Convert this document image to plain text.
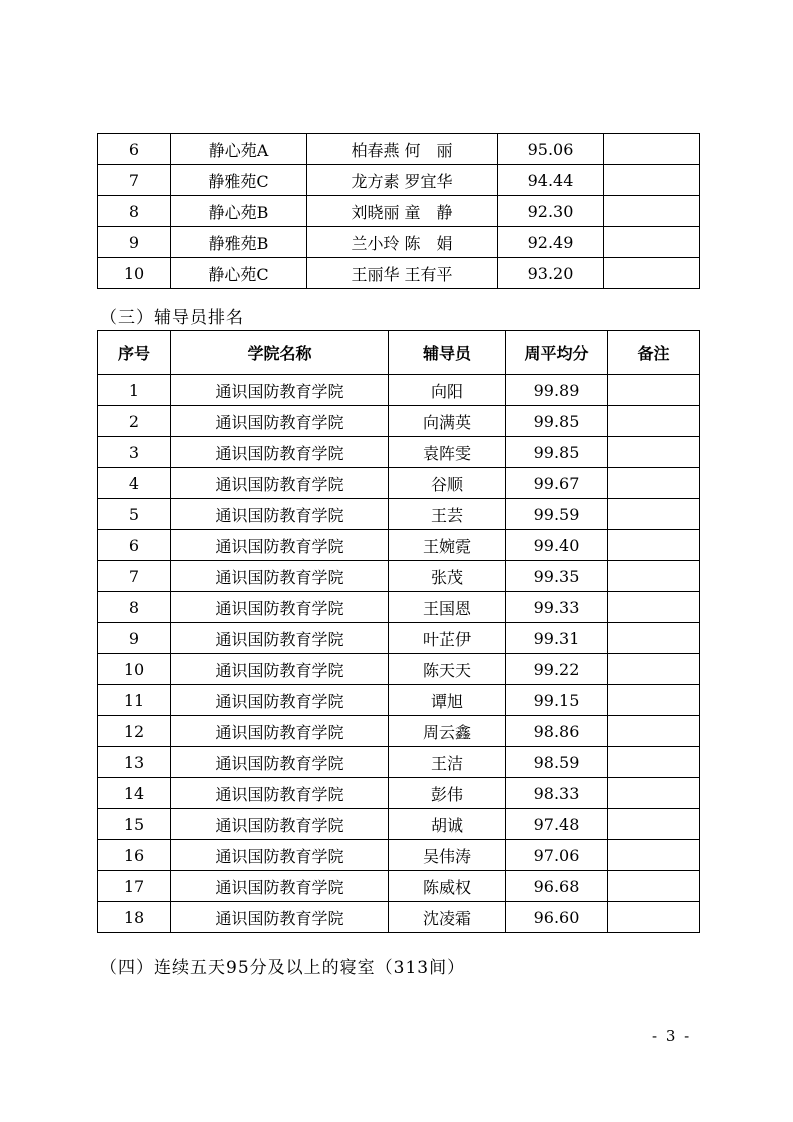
6	静心苑A	柏春燕 何　丽	95.06	
7	静雅苑C	龙方素 罗宜华	94.44	
8	静心苑B	刘晓丽 童　静	92.30	
9	静雅苑B	兰小玲 陈　娟	92.49	
10	静心苑C	王丽华 王有平	93.20	
（三）辅导员排名
序号	学院名称	辅导员	周平均分	备注
1	通识国防教育学院	向阳	99.89	
2	通识国防教育学院	向满英	99.85	
3	通识国防教育学院	袁阵雯	99.85	
4	通识国防教育学院	谷顺	99.67	
5	通识国防教育学院	王芸	99.59	
6	通识国防教育学院	王婉霓	99.40	
7	通识国防教育学院	张茂	99.35	
8	通识国防教育学院	王国恩	99.33	
9	通识国防教育学院	叶芷伊	99.31	
10	通识国防教育学院	陈天天	99.22	
11	通识国防教育学院	谭旭	99.15	
12	通识国防教育学院	周云鑫	98.86	
13	通识国防教育学院	王洁	98.59	
14	通识国防教育学院	彭伟	98.33	
15	通识国防教育学院	胡诚	97.48	
16	通识国防教育学院	吴伟涛	97.06	
17	通识国防教育学院	陈威权	96.68	
18	通识国防教育学院	沈凌霜	96.60	
（四）连续五天95分及以上的寝室（313间）
- 3 -
